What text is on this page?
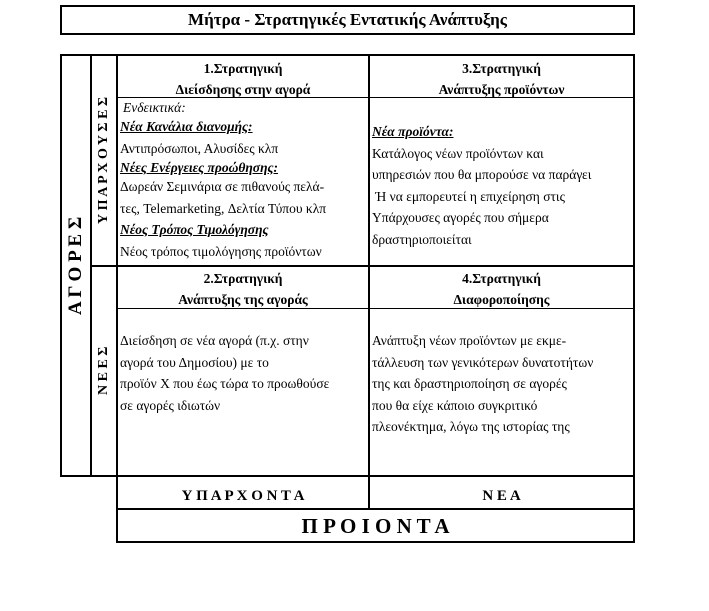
Μήτρα - Στρατηγικές Εντατικής Ανάπτυξης
Α Γ Ο Ρ Ε Σ
Υ Π Α Ρ Χ Ο Υ Σ Ε Σ
Ν Ε Ε Σ
1.Στρατηγική
Διείσδησης στην αγορά
Ενδεικτικά:
Νέα Κανάλια διανομής:
Αντιπρόσωποι, Αλυσίδες κλπ
Νέες Ενέργειες προώθησης:
Δωρεάν Σεμινάρια σε πιθανούς πελά-
τες, Telemarketing, Δελτία Τύπου κλπ
Νέος Τρόπος Τιμολόγησης
Νέος τρόπος τιμολόγησης προϊόντων
3.Στρατηγική
Ανάπτυξης προϊόντων
Νέα προϊόντα:
Κατάλογος νέων προϊόντων και
υπηρεσιών που θα μπορούσε να παράγει
Ή να εμπορευτεί η επιχείρηση στις
Υπάρχουσες αγορές που σήμερα
δραστηριοποιείται
2.Στρατηγική
Ανάπτυξης της αγοράς
Διείσδηση σε νέα αγορά (π.χ. στην
αγορά του Δημοσίου) με το
προϊόν Χ που έως τώρα το προωθούσε
σε αγορές ιδιωτών
4.Στρατηγική
Διαφοροποίησης
Ανάπτυξη νέων προϊόντων με εκμε-
τάλλευση των γενικότερων δυνατοτήτων
της και δραστηριοποίηση σε αγορές
που θα είχε κάποιο συγκριτικό
πλεονέκτημα, λόγω της ιστορίας της
Υ Π Α Ρ Χ Ο Ν Τ Α	Ν Ε Α
Π Ρ Ο Ι Ο Ν Τ Α
